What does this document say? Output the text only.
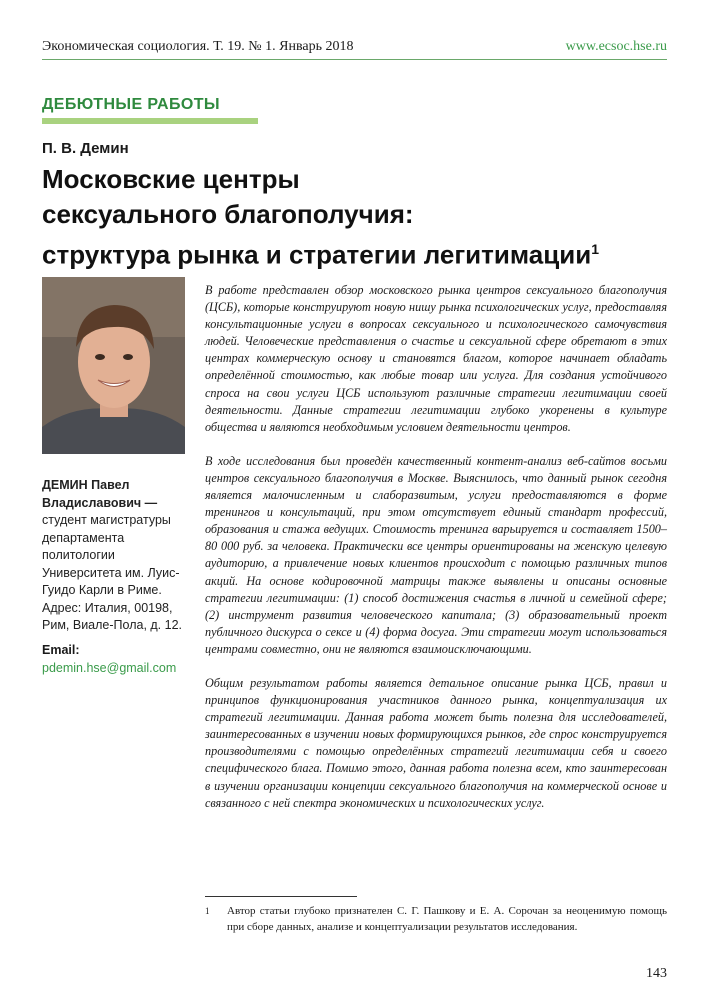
Экономическая социология. Т. 19. № 1. Январь 2018	www.ecsoc.hse.ru
ДЕБЮТНЫЕ РАБОТЫ
П. В. Демин
Московские центры
сексуального благополучия:
структура рынка и стратегии легитимации$^1$
ДЕМИН Павел Владиславович — студент магистратуры департамента политологии Университета им. Луис-Гуидо Карли в Риме. Адрес: Италия, 00198, Рим, Виале-Пола, д. 12.
Email: pdemin.hse@gmail.com

В работе представлен обзор московского рынка центров сексуального благополучия (ЦСБ), которые конструируют новую нишу рынка психологических услуг, предоставляя консультационные услуги в вопросах сексуального и психологического самочувствия людей. Человеческие представления о счастье и сексуальной сфере обретают в этих центрах коммерческую основу и становятся благом, которое начинает обладать определённой стоимостью, как любые товар или услуга. Для создания устойчивого спроса на свои услуги ЦСБ используют различные стратегии легитимации своей деятельности. Данные стратегии легитимации глубоко укоренены в культуре общества и являются необходимым условием деятельности центров.

В ходе исследования был проведён качественный контент-анализ веб-сайтов восьми центров сексуального благополучия в Москве. Выяснилось, что данный рынок сегодня является малочисленным и слаборазвитым, услуги предоставляются в форме тренингов и консультаций, при этом отсутствует единый стандарт профессий, образования и стажа ведущих. Стоимость тренинга варьируется и составляет 1500–80 000 руб. за человека. Практически все центры ориентированы на женскую целевую аудиторию, а привлечение новых клиентов происходит с помощью различных типов акций. На основе кодировочной матрицы также выявлены и описаны основные стратегии легитимации: (1) способ достижения счастья в личной и семейной сфере; (2) инструмент развития человеческого капитала; (3) образовательный проект публичного дискурса о сексе и (4) форма досуга. Эти стратегии могут использоваться центрами совместно, они не являются взаимоисключающими.

Общим результатом работы является детальное описание рынка ЦСБ, правил и принципов функционирования участников данного рынка, концептуализация их стратегий легитимации. Данная работа может быть полезна для исследователей, заинтересованных в изучении новых формирующихся рынков, где спрос конструируется производителями с помощью определённых стратегий легитимации себя и своего специфического блага. Помимо этого, данная работа полезна всем, кто заинтересован в изучении организации концепции сексуального благополучия на коммерческой основе и связанного с ней спектра экономических и психологических услуг.

1	Автор статьи глубоко признателен С. Г. Пашкову и Е. А. Сорочан за неоценимую помощь при сборе данных, анализе и концептуализации результатов исследования.
143
